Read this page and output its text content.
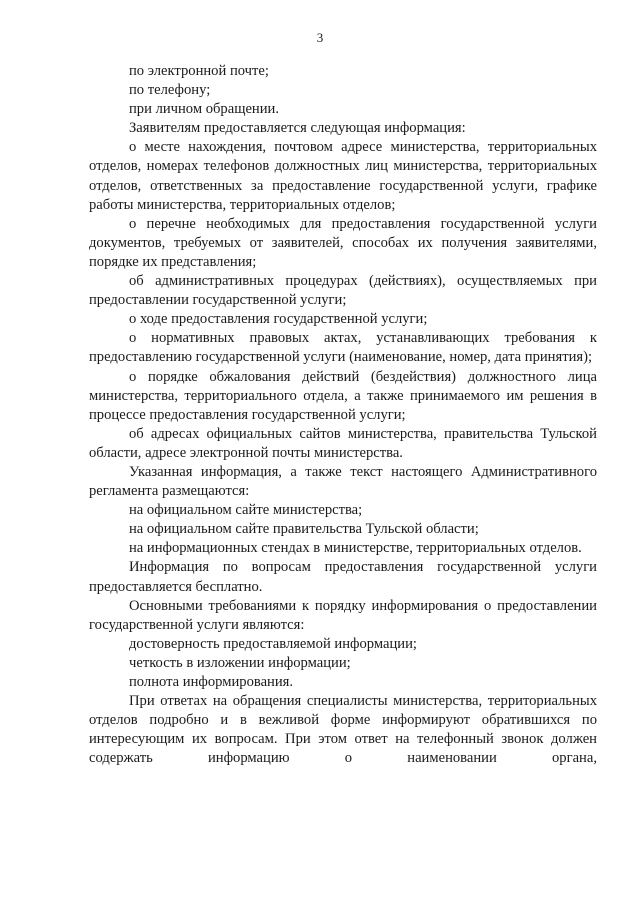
3

по электронной почте;

по телефону;

при личном обращении.

Заявителям предоставляется следующая информация:

о месте нахождения, почтовом адресе министерства, территориальных отделов, номерах телефонов должностных лиц министерства, территориальных отделов, ответственных за предоставление государственной услуги, графике работы министерства, территориальных отделов;

о перечне необходимых для предоставления государственной услуги документов, требуемых от заявителей, способах их получения заявителями, порядке их представления;

об административных процедурах (действиях), осуществляемых при предоставлении государственной услуги;

о ходе предоставления государственной услуги;

о нормативных правовых актах, устанавливающих требования к предоставлению государственной услуги (наименование, номер, дата принятия);

о порядке обжалования действий (бездействия) должностного лица министерства, территориального отдела, а также принимаемого им решения в процессе предоставления государственной услуги;

об адресах официальных сайтов министерства, правительства Тульской области, адресе электронной почты министерства.

Указанная информация, а также текст настоящего Административного регламента размещаются:

на официальном сайте министерства;

на официальном сайте правительства Тульской области;

на информационных стендах в министерстве, территориальных отделов.

Информация по вопросам предоставления государственной услуги предоставляется бесплатно.

Основными требованиями к порядку информирования о предоставлении государственной услуги являются:

достоверность предоставляемой информации;

четкость в изложении информации;

полнота информирования.

При ответах на обращения специалисты министерства, территориальных отделов подробно и в вежливой форме информируют обратившихся по интересующим их вопросам. При этом ответ на телефонный звонок должен содержать информацию о наименовании органа,
